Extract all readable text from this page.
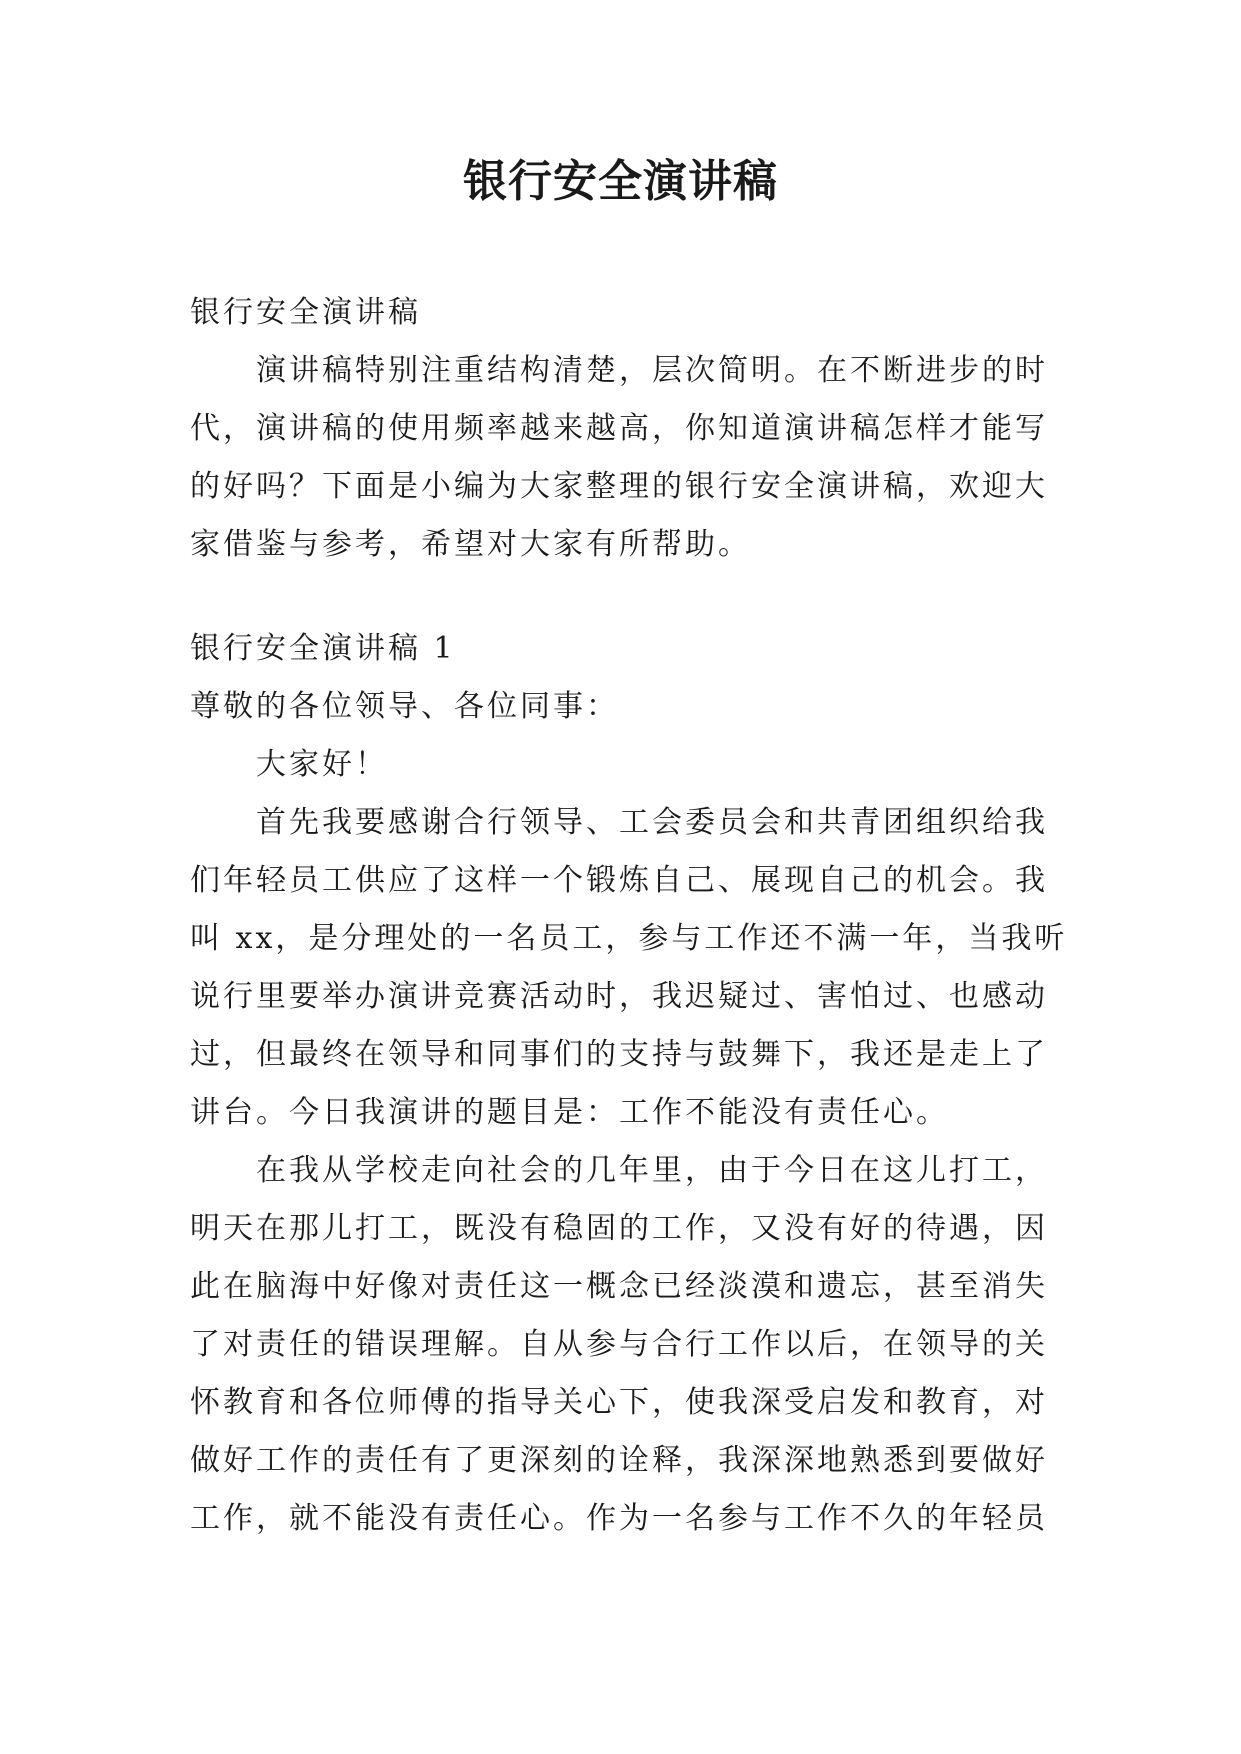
银行安全演讲稿

银行安全演讲稿

演讲稿特别注重结构清楚，层次简明。在不断进步的时

代，演讲稿的使用频率越来越高，你知道演讲稿怎样才能写

的好吗？下面是小编为大家整理的银行安全演讲稿，欢迎大

家借鉴与参考，希望对大家有所帮助。

银行安全演讲稿 1

尊敬的各位领导、各位同事：

大家好！

首先我要感谢合行领导、工会委员会和共青团组织给我

们年轻员工供应了这样一个锻炼自己、展现自己的机会。我

叫 xx，是分理处的一名员工，参与工作还不满一年，当我听

说行里要举办演讲竞赛活动时，我迟疑过、害怕过、也感动

过，但最终在领导和同事们的支持与鼓舞下，我还是走上了

讲台。今日我演讲的题目是：工作不能没有责任心。

在我从学校走向社会的几年里，由于今日在这儿打工，

明天在那儿打工，既没有稳固的工作，又没有好的待遇，因

此在脑海中好像对责任这一概念已经淡漠和遗忘，甚至消失

了对责任的错误理解。自从参与合行工作以后，在领导的关

怀教育和各位师傅的指导关心下，使我深受启发和教育，对

做好工作的责任有了更深刻的诠释，我深深地熟悉到要做好

工作，就不能没有责任心。作为一名参与工作不久的年轻员
